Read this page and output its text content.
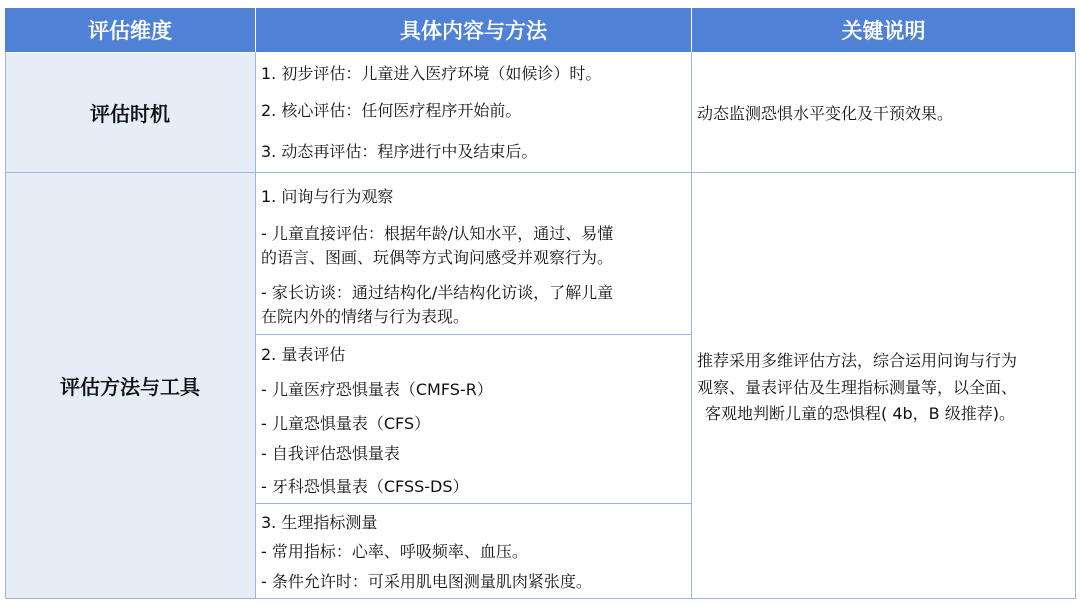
评估维度	具体内容与方法	关键说明
评估时机
评估方法与工具
1. 初步评估：儿童进入医疗环境（如候诊）时。
2. 核心评估：任何医疗程序开始前。
3. 动态再评估：程序进行中及结束后。
动态监测恐惧水平变化及干预效果。
1. 问询与行为观察
- 儿童直接评估：根据年龄/认知水平，通过、易懂
的语言、图画、玩偶等方式询问感受并观察行为。
- 家长访谈：通过结构化/半结构化访谈，了解儿童
在院内外的情绪与行为表现。
2. 量表评估
- 儿童医疗恐惧量表（CMFS-R）
- 儿童恐惧量表（CFS）
- 自我评估恐惧量表
- 牙科恐惧量表（CFSS-DS）
3. 生理指标测量
- 常用指标：心率、呼吸频率、血压。
- 条件允许时：可采用肌电图测量肌肉紧张度。
推荐采用多维评估方法，综合运用问询与行为
观察、量表评估及生理指标测量等，以全面、
客观地判断儿童的恐惧程( 4b，B 级推荐)。
